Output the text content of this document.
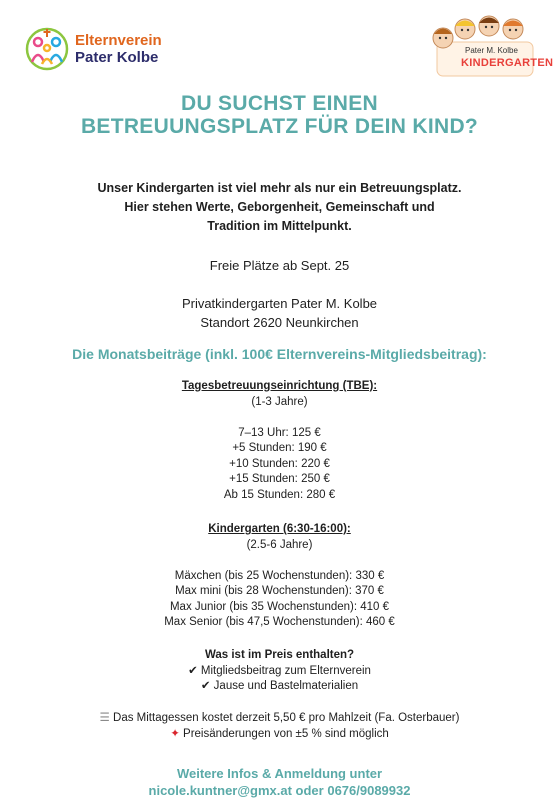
Elternverein
Pater Kolbe	Pater M. Kolbe
KINDERGARTEN
DU SUCHST EINEN
BETREUUNGSPLATZ FÜR DEIN KIND?
Unser Kindergarten ist viel mehr als nur ein Betreuungsplatz.
Hier stehen Werte, Geborgenheit, Gemeinschaft und
Tradition im Mittelpunkt.
Freie Plätze ab Sept. 25
Privatkindergarten Pater M. Kolbe
Standort 2620 Neunkirchen
Die Monatsbeiträge (inkl. 100€ Elternvereins-Mitgliedsbeitrag):
Tagesbetreuungseinrichtung (TBE):
(1-3 Jahre)

7–13 Uhr: 125 €
+5 Stunden: 190 €
+10 Stunden: 220 €
+15 Stunden: 250 €
Ab 15 Stunden: 280 €
Kindergarten (6:30-16:00):
(2.5-6 Jahre)

Mäxchen (bis 25 Wochenstunden): 330 €
Max mini (bis 28 Wochenstunden): 370 €
Max Junior (bis 35 Wochenstunden): 410 €
Max Senior (bis 47,5 Wochenstunden): 460 €
Was ist im Preis enthalten?
✔ Mitgliedsbeitrag zum Elternverein
✔ Jause und Bastelmaterialien
☰ Das Mittagessen kostet derzeit 5,50 € pro Mahlzeit (Fa. Osterbauer)
✦ Preisänderungen von ±5 % sind möglich
Weitere Infos & Anmeldung unter
nicole.kuntner@gmx.at oder 0676/9089932
